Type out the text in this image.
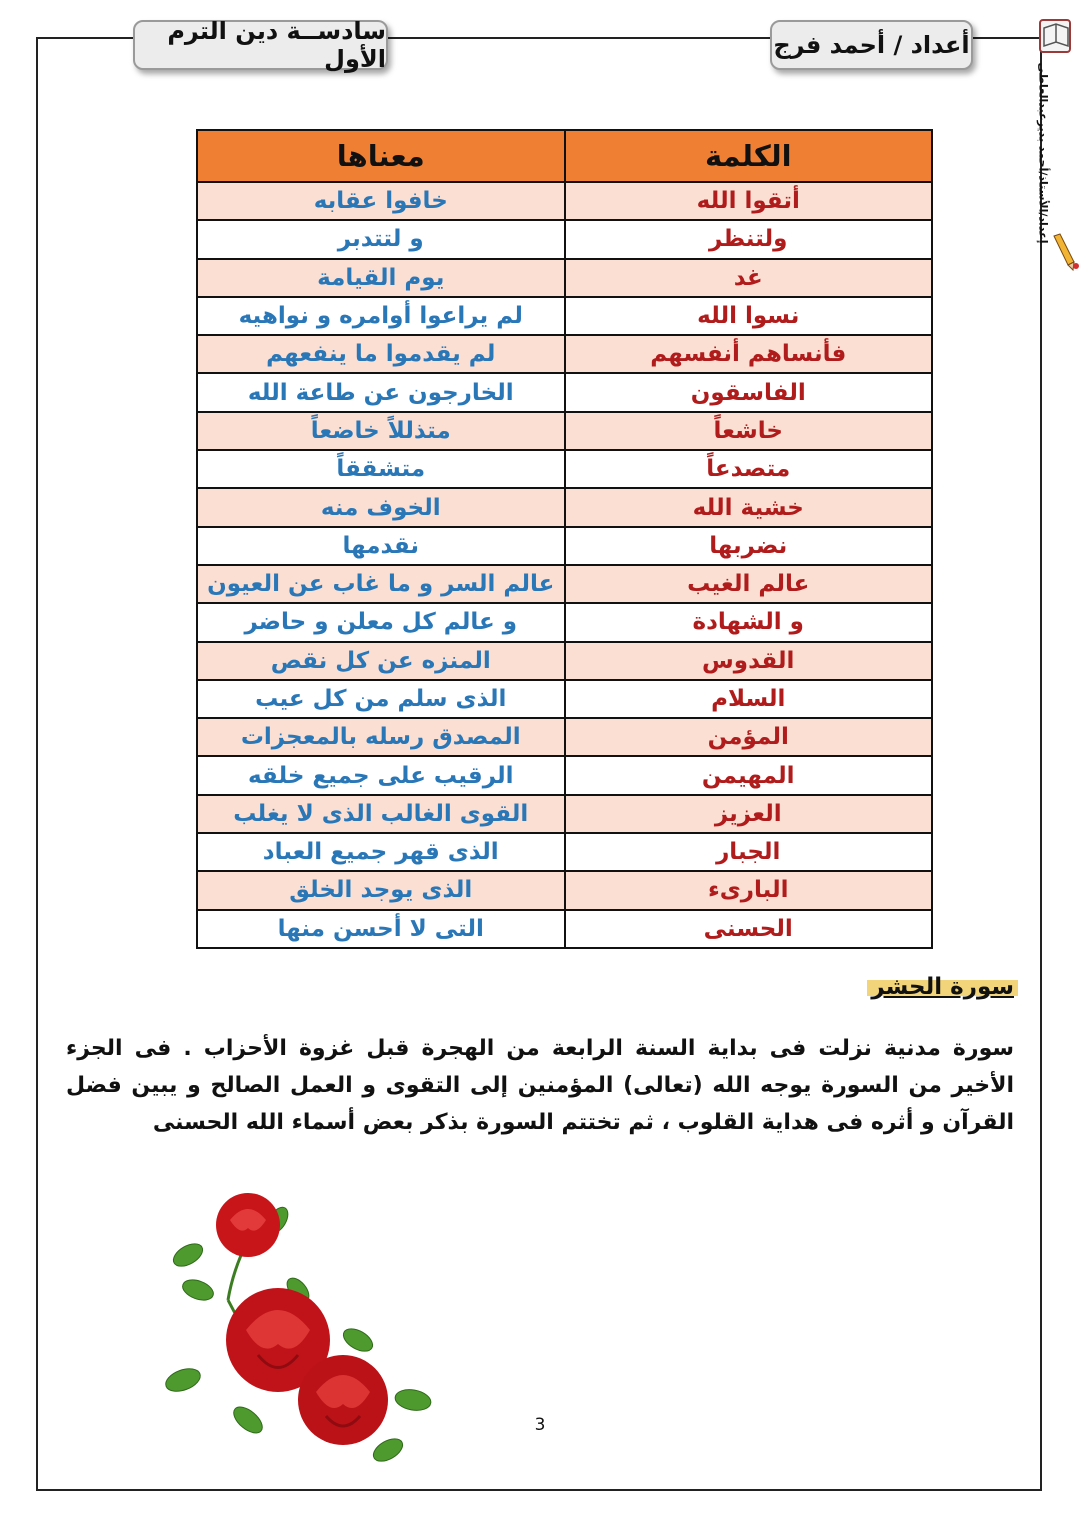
إعداد/الأستاذ/أحمد بديرعبدالعاطى
أعداد / أحمد فرج
سادســة دين الترم الأول
الكلمة	معناها
أتقوا الله	خافوا عقابه
ولتنظر	و لتتدبر
غد	يوم القيامة
نسوا الله	لم يراعوا أوامره و نواهيه
فأنساهم أنفسهم	لم يقدموا ما ينفعهم
الفاسقون	الخارجون عن طاعة الله
خاشعاً	متذللاً خاضعاً
متصدعاً	متشققاً
خشية الله	الخوف منه
نضربها	نقدمها
عالم الغيب	عالم السر و ما غاب عن العيون
و الشهادة	و عالم كل معلن و حاضر
القدوس	المنزه عن كل نقص
السلام	الذى سلم من كل عيب
المؤمن	المصدق رسله بالمعجزات
المهيمن	الرقيب على جميع خلقه
العزيز	القوى الغالب الذى لا يغلب
الجبار	الذى قهر جميع العباد
البارىء	الذى يوجد الخلق
الحسنى	التى لا أحسن منها
سورة الحشر
سورة مدنية نزلت فى بداية السنة الرابعة من الهجرة قبل غزوة الأحزاب . فى الجزء الأخير من السورة يوجه الله (تعالى) المؤمنين إلى التقوى و العمل الصالح و يبين فضل القرآن و أثره فى هداية القلوب ، ثم تختتم السورة بذكر بعض أسماء الله الحسنى
3
